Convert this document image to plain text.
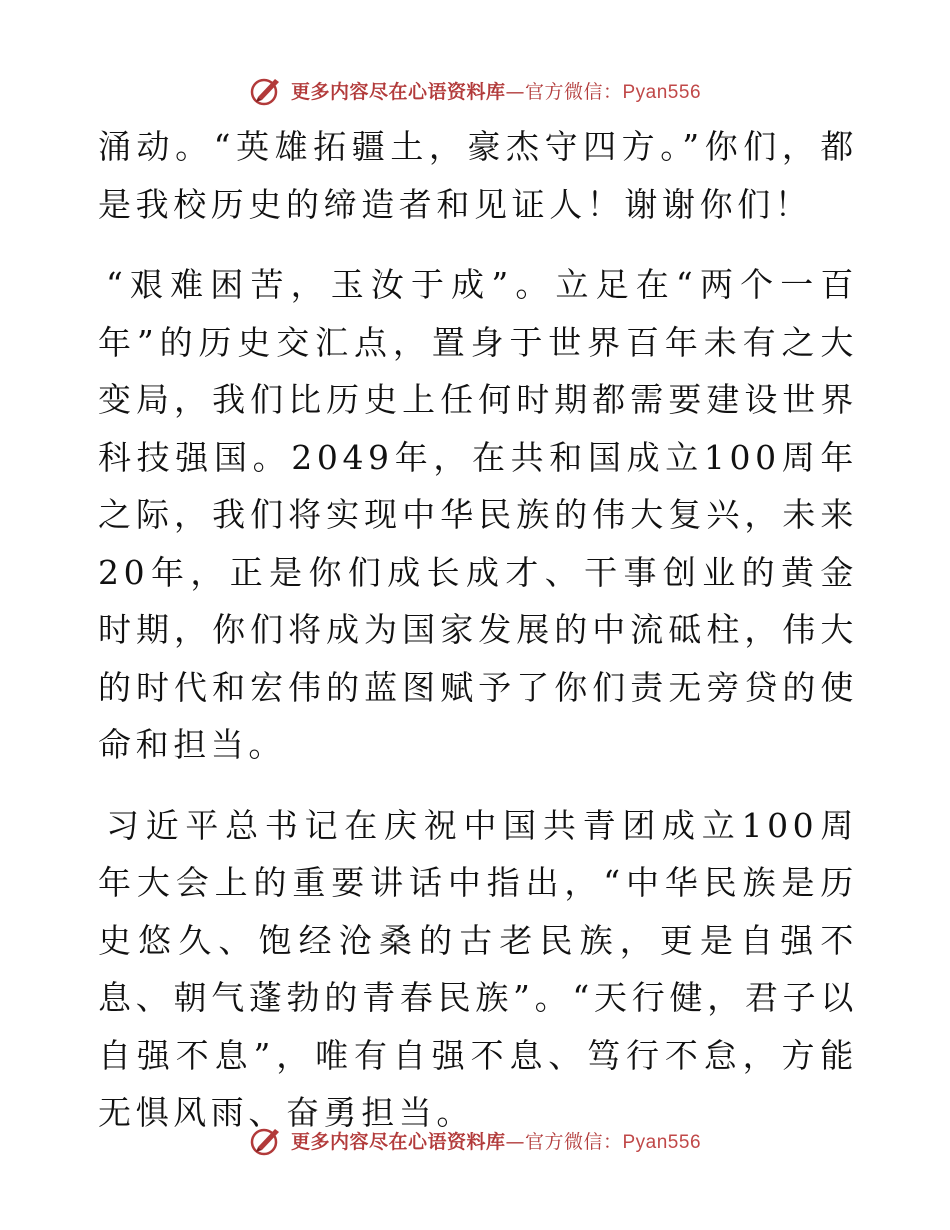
更多内容尽在心语资料库—官方微信：Pyan556

涌动。“英雄拓疆土，豪杰守四方。”你们，都是我校历史的缔造者和见证人！谢谢你们！

“艰难困苦，玉汝于成”。立足在“两个一百年”的历史交汇点，置身于世界百年未有之大变局，我们比历史上任何时期都需要建设世界科技强国。2049年，在共和国成立100周年之际，我们将实现中华民族的伟大复兴，未来20年，正是你们成长成才、干事创业的黄金时期，你们将成为国家发展的中流砥柱，伟大的时代和宏伟的蓝图赋予了你们责无旁贷的使命和担当。

习近平总书记在庆祝中国共青团成立100周年大会上的重要讲话中指出，“中华民族是历史悠久、饱经沧桑的古老民族，更是自强不息、朝气蓬勃的青春民族”。“天行健，君子以自强不息”，唯有自强不息、笃行不怠，方能无惧风雨、奋勇担当。

更多内容尽在心语资料库—官方微信：Pyan556
